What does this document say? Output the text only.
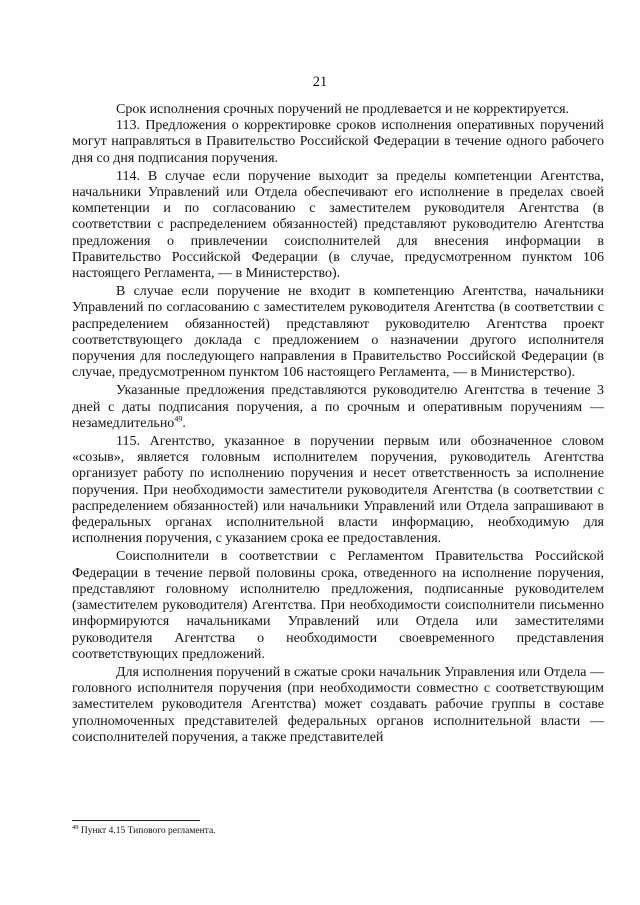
21

Срок исполнения срочных поручений не продлевается и не корректируется.

113. Предложения о корректировке сроков исполнения оперативных поручений могут направляться в Правительство Российской Федерации в течение одного рабочего дня со дня подписания поручения.

114. В случае если поручение выходит за пределы компетенции Агентства, начальники Управлений или Отдела обеспечивают его исполнение в пределах своей компетенции и по согласованию с заместителем руководителя Агентства (в соответствии с распределением обязанностей) представляют руководителю Агентства предложения о привлечении соисполнителей для внесения информации в Правительство Российской Федерации (в случае, предусмотренном пунктом 106 настоящего Регламента, — в Министерство).

В случае если поручение не входит в компетенцию Агентства, начальники Управлений по согласованию с заместителем руководителя Агентства (в соответствии с распределением обязанностей) представляют руководителю Агентства проект соответствующего доклада с предложением о назначении другого исполнителя поручения для последующего направления в Правительство Российской Федерации (в случае, предусмотренном пунктом 106 настоящего Регламента, — в Министерство).

Указанные предложения представляются руководителю Агентства в течение 3 дней с даты подписания поручения, а по срочным и оперативным поручениям — незамедлительно$^{49}$.

115. Агентство, указанное в поручении первым или обозначенное словом «созыв», является головным исполнителем поручения, руководитель Агентства организует работу по исполнению поручения и несет ответственность за исполнение поручения. При необходимости заместители руководителя Агентства (в соответствии с распределением обязанностей) или начальники Управлений или Отдела запрашивают в федеральных органах исполнительной власти информацию, необходимую для исполнения поручения, с указанием срока ее предоставления.

Соисполнители в соответствии с Регламентом Правительства Российской Федерации в течение первой половины срока, отведенного на исполнение поручения, представляют головному исполнителю предложения, подписанные руководителем (заместителем руководителя) Агентства. При необходимости соисполнители письменно информируются начальниками Управлений или Отдела или заместителями руководителя Агентства о необходимости своевременного представления соответствующих предложений.

Для исполнения поручений в сжатые сроки начальник Управления или Отдела — головного исполнителя поручения (при необходимости совместно с соответствующим заместителем руководителя Агентства) может создавать рабочие группы в составе уполномоченных представителей федеральных органов исполнительной власти — соисполнителей поручения, а также представителей

$^{49}$ Пункт 4.15 Типового регламента.
